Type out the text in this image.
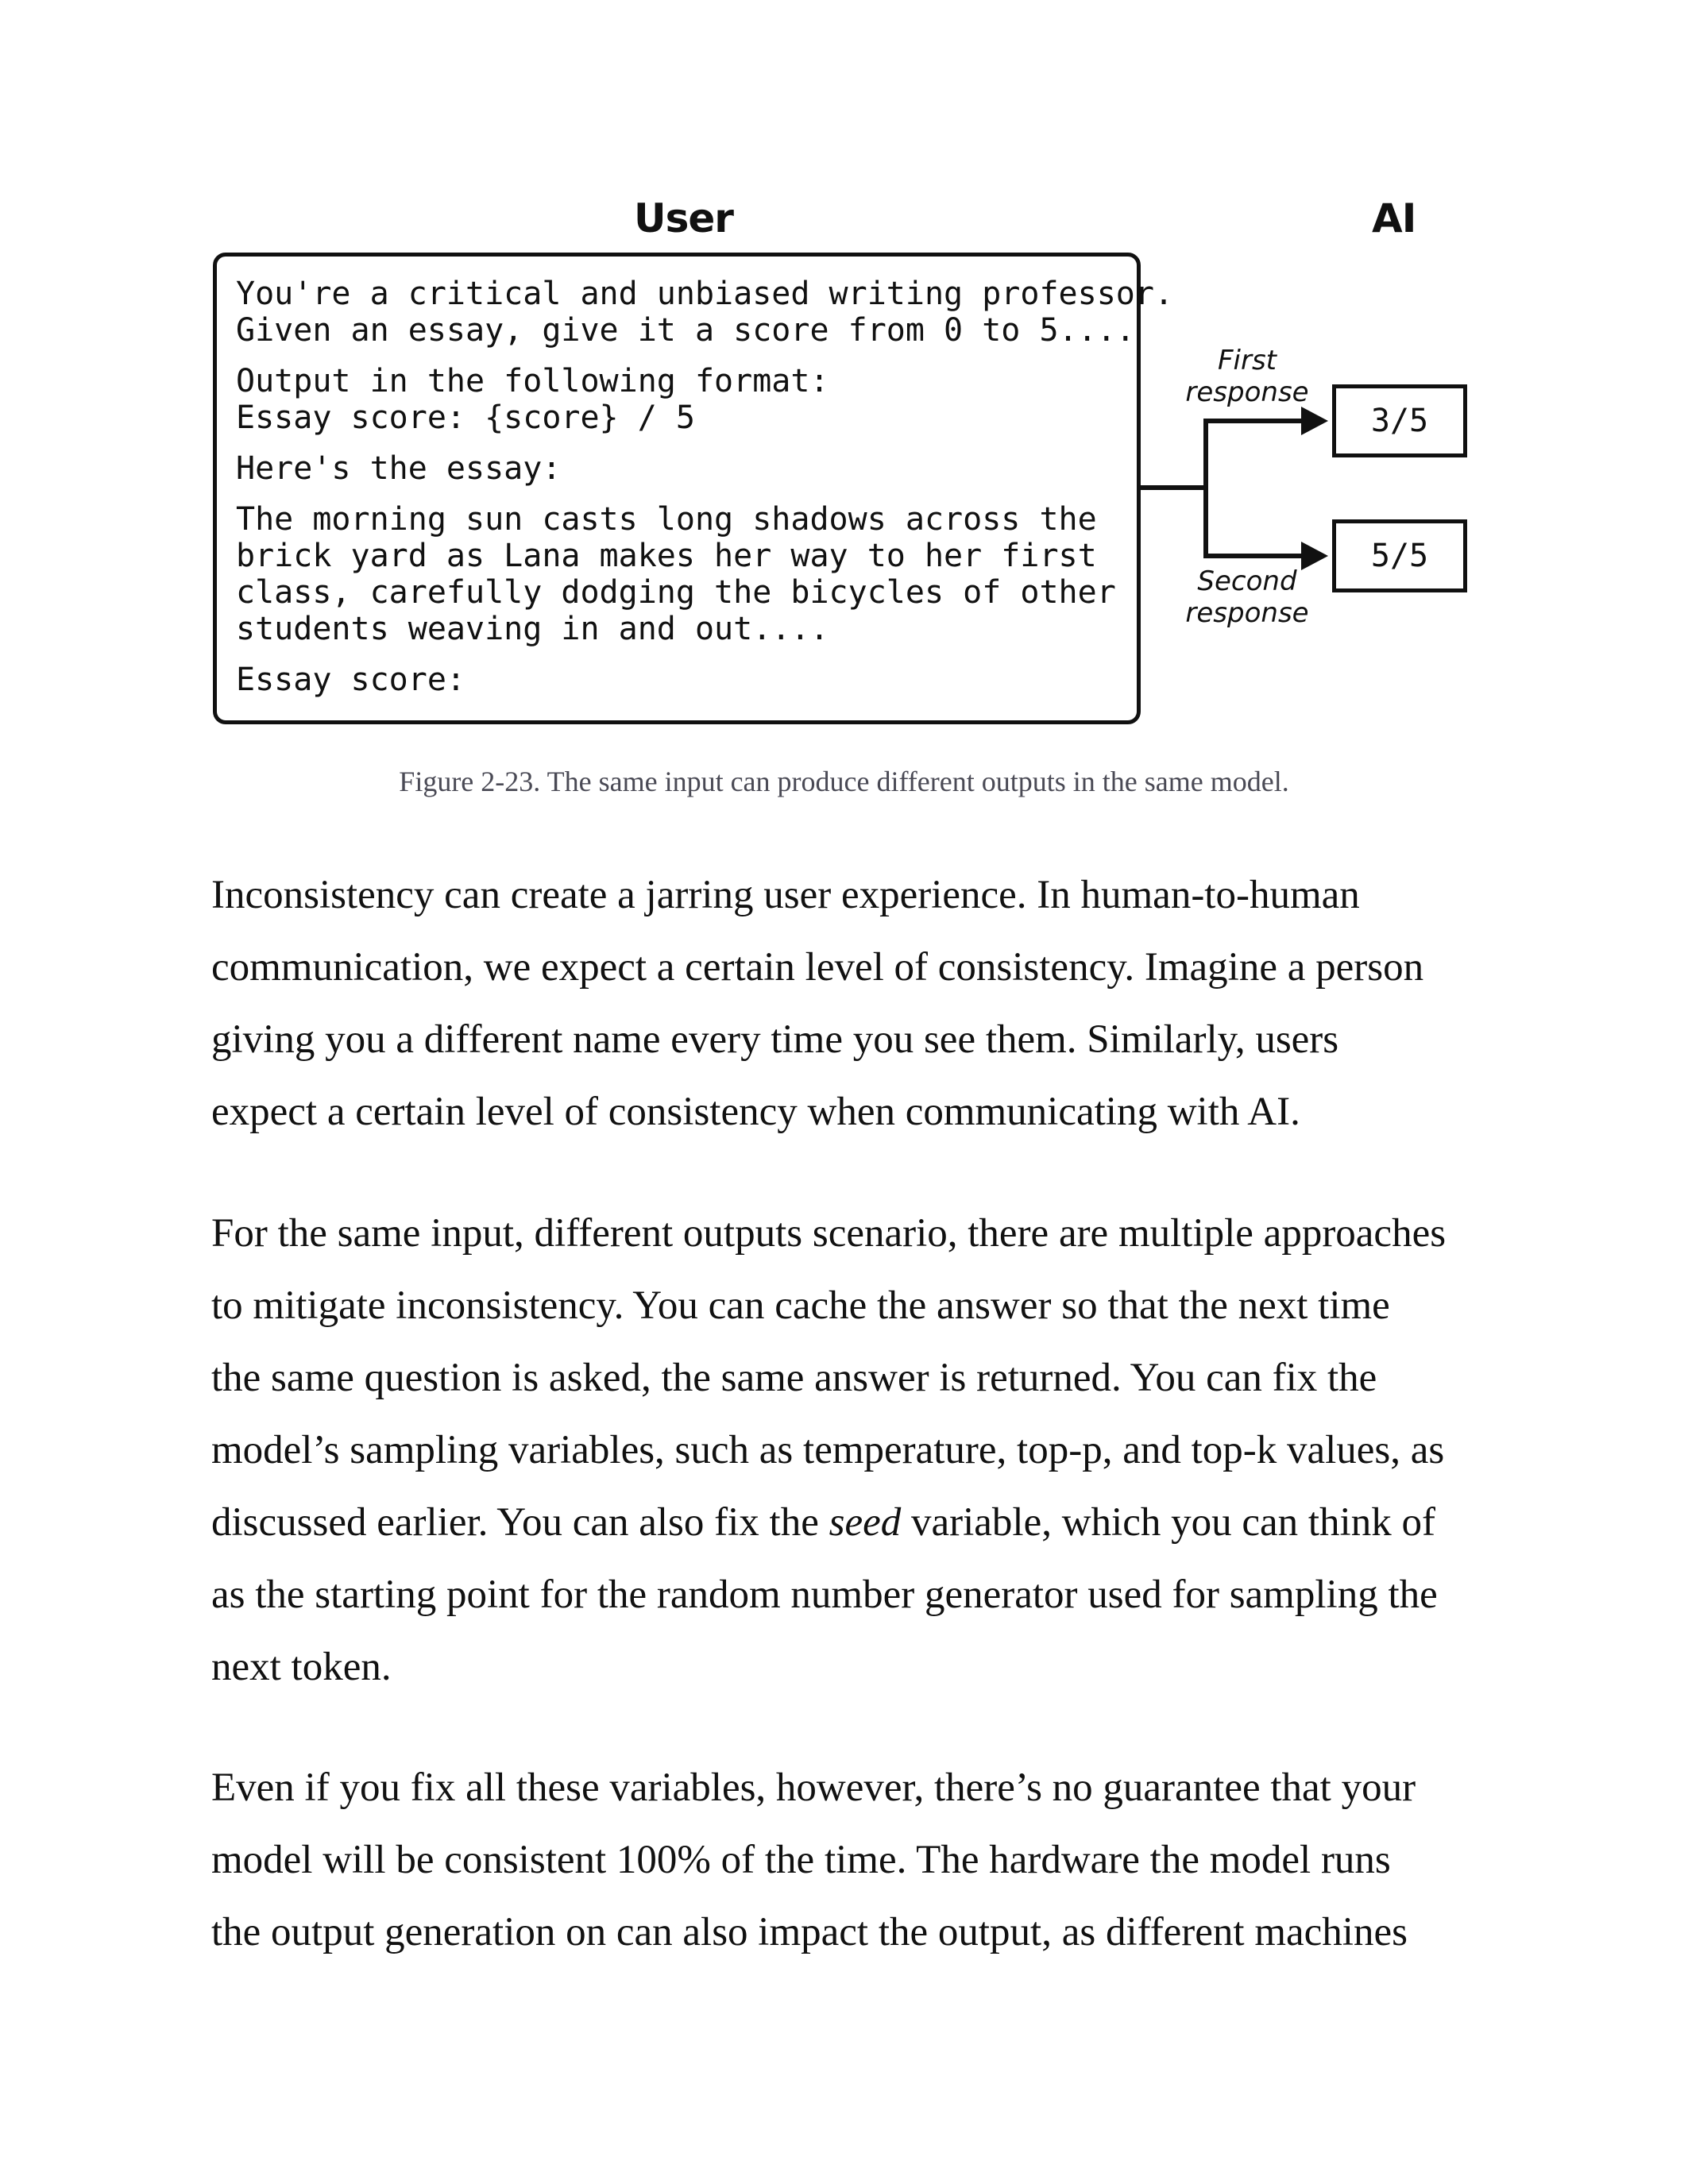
User	AI
You're a critical and unbiased writing professor.
Given an essay, give it a score from 0 to 5....
Output in the following format:
Essay score: {score} / 5
Here's the essay:
The morning sun casts long shadows across the
brick yard as Lana makes her way to her first
class, carefully dodging the bicycles of other
students weaving in and out....
Essay score:
First
response
Second
response
3/5
5/5
Figure 2-23. The same input can produce different outputs in the same model.
Inconsistency can create a jarring user experience. In human-to-human
communication, we expect a certain level of consistency. Imagine a person
giving you a different name every time you see them. Similarly, users
expect a certain level of consistency when communicating with AI.
For the same input, different outputs scenario, there are multiple approaches
to mitigate inconsistency. You can cache the answer so that the next time
the same question is asked, the same answer is returned. You can fix the
model’s sampling variables, such as temperature, top-p, and top-k values, as
discussed earlier. You can also fix the seed variable, which you can think of
as the starting point for the random number generator used for sampling the
next token.
Even if you fix all these variables, however, there’s no guarantee that your
model will be consistent 100% of the time. The hardware the model runs
the output generation on can also impact the output, as different machines
